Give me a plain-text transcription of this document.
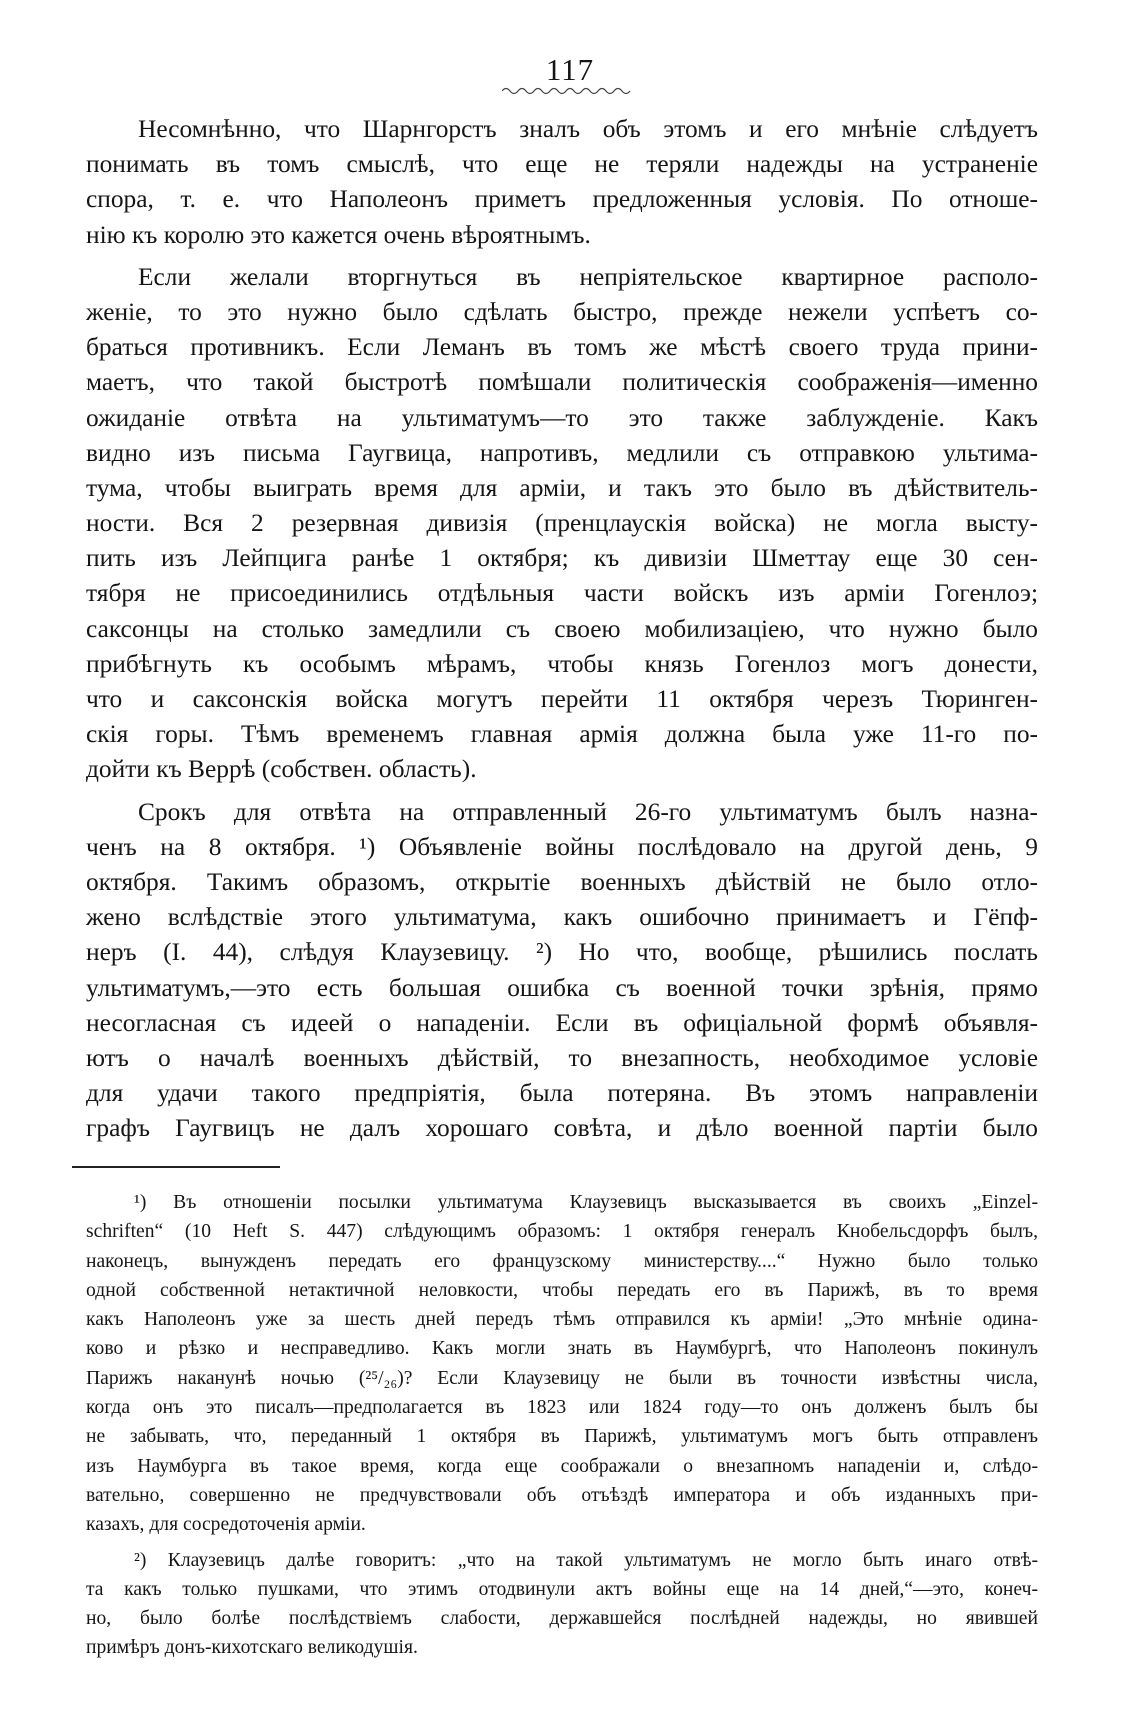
117
Несомнѣнно, что Шарнгорстъ зналъ объ этомъ и его мнѣніе слѣдуетъ
понимать въ томъ смыслѣ, что еще не теряли надежды на устраненіе
спора, т. е. что Наполеонъ приметъ предложенныя условія. По отноше-
нію къ королю это кажется очень вѣроятнымъ.
Если желали вторгнуться въ непріятельское квартирное располо-
женіе, то это нужно было сдѣлать быстро, прежде нежели успѣетъ со-
браться противникъ. Если Леманъ въ томъ же мѣстѣ своего труда прини-
маетъ, что такой быстротѣ помѣшали политическія соображенія—именно
ожиданіе отвѣта на ультиматумъ—то это также заблужденіе. Какъ
видно изъ письма Гаугвица, напротивъ, медлили съ отправкою ультима-
тума, чтобы выиграть время для арміи, и такъ это было въ дѣйствитель-
ности. Вся 2 резервная дивизія (пренцлаускія войска) не могла высту-
пить изъ Лейпцига ранѣе 1 октября; къ дивизіи Шметтау еще 30 сен-
тября не присоединились отдѣльныя части войскъ изъ арміи Гогенлоэ;
саксонцы на столько замедлили съ своею мобилизаціею, что нужно было
прибѣгнуть къ особымъ мѣрамъ, чтобы князь Гогенлоз могъ донести,
что и саксонскія войска могутъ перейти 11 октября черезъ Тюринген-
скія горы. Тѣмъ временемъ главная армія должна была уже 11-го по-
дойти къ Веррѣ (собствен. область).
Срокъ для отвѣта на отправленный 26-го ультиматумъ былъ назна-
ченъ на 8 октября. ¹) Объявленіе войны послѣдовало на другой день, 9
октября. Такимъ образомъ, открытіе военныхъ дѣйствій не было отло-
жено вслѣдствіе этого ультиматума, какъ ошибочно принимаетъ и Гёпф-
неръ (I. 44), слѣдуя Клаузевицу. ²) Но что, вообще, рѣшились послать
ультиматумъ,—это есть большая ошибка съ военной точки зрѣнія, прямо
несогласная съ идеей о нападеніи. Если въ офиціальной формѣ объявля-
ютъ о началѣ военныхъ дѣйствій, то внезапность, необходимое условіе
для удачи такого предпріятія, была потеряна. Въ этомъ направленіи
графъ Гаугвицъ не далъ хорошаго совѣта, и дѣло военной партіи было
¹) Въ отношеніи посылки ультиматума Клаузевицъ высказывается въ своихъ „Einzel-
schriften“ (10 Heft S. 447) слѣдующимъ образомъ: 1 октября генералъ Кнобельсдорфъ былъ,
наконецъ, вынужденъ передать его французскому министерству....“ Нужно было только
одной собственной нетактичной неловкости, чтобы передать его въ Парижѣ, въ то время
какъ Наполеонъ уже за шесть дней передъ тѣмъ отправился къ арміи! „Это мнѣніе одина-
ково и рѣзко и несправедливо. Какъ могли знать въ Наумбургѣ, что Наполеонъ покинулъ
Парижъ наканунѣ ночью (²⁵/₂₆)? Если Клаузевицу не были въ точности извѣстны числа,
когда онъ это писалъ—предполагается въ 1823 или 1824 году—то онъ долженъ былъ бы
не забывать, что, переданный 1 октября въ Парижѣ, ультиматумъ могъ быть отправленъ
изъ Наумбурга въ такое время, когда еще соображали о внезапномъ нападеніи и, слѣдо-
вательно, совершенно не предчувствовали объ отъѣздѣ императора и объ изданныхъ при-
казахъ, для сосредоточенія арміи.
²) Клаузевицъ далѣе говоритъ: „что на такой ультиматумъ не могло быть инаго отвѣ-
та какъ только пушками, что этимъ отодвинули актъ войны еще на 14 дней,“—это, конеч-
но, было болѣе послѣдствіемъ слабости, державшейся послѣдней надежды, но явившей
примѣръ донъ-кихотскаго великодушія.
